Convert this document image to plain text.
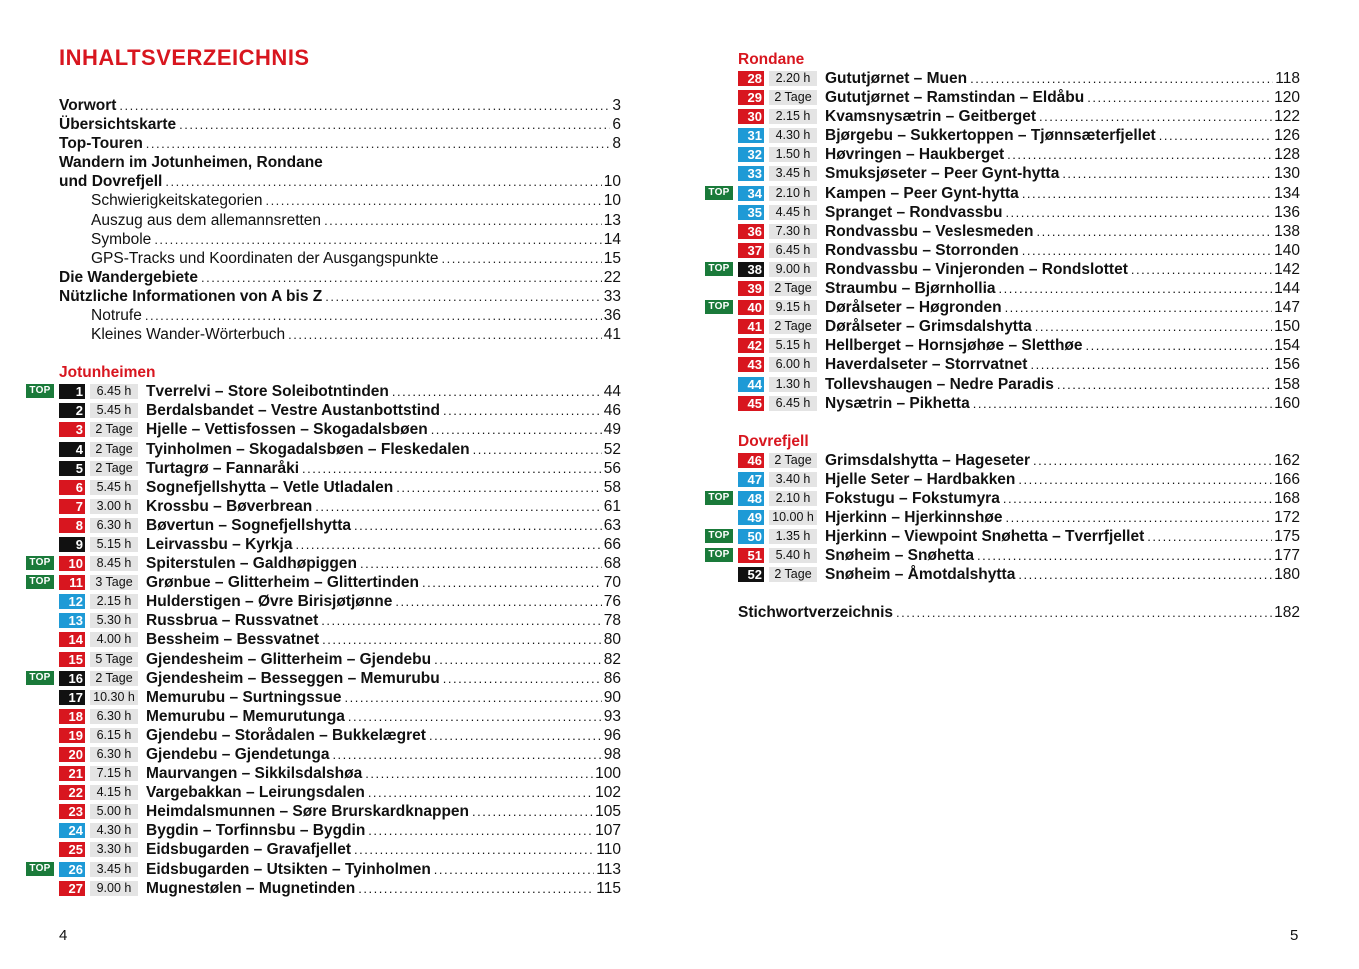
INHALTSVERZEICHNIS
Vorwort .....	3
Übersichtskarte .....	6
Top-Touren .....	8
Wandern im Jotunheimen, Rondane
und Dovrefjell .....	10
Schwierigkeitskategorien .....	10
Auszug aus dem allemannsretten .....	13
Symbole .....	14
GPS-Tracks und Koordinaten der Ausgangspunkte .....	15
Die Wandergebiete .....	22
Nützliche Informationen von A bis Z .....	33
Notrufe .....	36
Kleines Wander-Wörterbuch .....	41
Jotunheimen
TOP	1	6.45 h Tverrelvi – Store Soleibotntinden .....	44
2	5.45 h Berdalsbandet – Vestre Austanbottstind .....	46
3 2 Tage Hjelle – Vettisfossen – Skogadalsbøen .....	49
4 2 Tage Tyinholmen – Skogadalsbøen – Fleskedalen .....	52
5 2 Tage Turtagrø – Fannaråki .....	56
6	5.45 h Sognefjellshytta – Vetle Utladalen .....	58
7	3.00 h Krossbu – Bøverbrean .....	61
8	6.30 h Bøvertun – Sognefjellshytta .....	63
9	5.15 h Leirvassbu – Kyrkja .....	66
TOP	10	8.45 h Spiterstulen – Galdhøpiggen .....	68
TOP	11 3 Tage Grønbue – Glitterheim – Glittertinden .....	70
12	2.15 h Hulderstigen – Øvre Birisjøtjønne .....	76
13	5.30 h Russbrua – Russvatnet .....	78
14	4.00 h Bessheim – Bessvatnet .....	80
15 5 Tage Gjendesheim – Glitterheim – Gjendebu .....	82
TOP	16 2 Tage Gjendesheim – Besseggen – Memurubu .....	86
17 10.30 h Memurubu – Surtningssue .....	90
18	6.30 h Memurubu – Memurutunga .....	93
19	6.15 h Gjendebu – Storådalen – Bukkelægret .....	96
20	6.30 h Gjendebu – Gjendetunga .....	98
21	7.15 h Maurvangen – Sikkilsdalshøa .....	100
22	4.15 h Vargebakkan – Leirungsdalen .....	102
23	5.00 h Heimdalsmunnen – Søre Brurskardknappen .....	105
24	4.30 h Bygdin – Torfinnsbu – Bygdin .....	107
25	3.30 h Eidsbugarden – Gravafjellet .....	110
TOP	26	3.45 h Eidsbugarden – Utsikten – Tyinholmen .....	113
27	9.00 h Mugnestølen – Mugnetinden .....	115
Rondane
28	2.20 h Gututjørnet – Muen .....	118
29 2 Tage Gututjørnet – Ramstindan – Eldåbu .....	120
30	2.15 h Kvamsnysætrin – Geitberget .....	122
31	4.30 h Bjørgebu – Sukkertoppen – Tjønnsæterfjellet .....	126
32	1.50 h Høvringen – Haukberget .....	128
33	3.45 h Smuksjøseter – Peer Gynt-hytta .....	130
TOP	34	2.10 h Kampen – Peer Gynt-hytta .....	134
35	4.45 h Spranget – Rondvassbu .....	136
36	7.30 h Rondvassbu – Veslesmeden .....	138
37	6.45 h Rondvassbu – Storronden .....	140
TOP	38	9.00 h Rondvassbu – Vinjeronden – Rondslottet .....	142
39 2 Tage Straumbu – Bjørnhollia .....	144
TOP	40	9.15 h Dørålseter – Høgronden .....	147
41 2 Tage Dørålseter – Grimsdalshytta .....	150
42	5.15 h Hellberget – Hornsjøhøe – Sletthøe .....	154
43	6.00 h Haverdalseter – Storrvatnet .....	156
44	1.30 h Tollevshaugen – Nedre Paradis .....	158
45	6.45 h Nysætrin – Pikhetta .....	160
Dovrefjell
46 2 Tage Grimsdalshytta – Hageseter .....	162
47	3.40 h Hjelle Seter – Hardbakken .....	166
TOP	48	2.10 h Fokstugu – Fokstumyra .....	168
49 10.00 h Hjerkinn – Hjerkinnshøe .....	172
TOP	50	1.35 h Hjerkinn – Viewpoint Snøhetta – Tverrfjellet .....	175
TOP	51	5.40 h Snøheim – Snøhetta .....	177
52 2 Tage Snøheim – Åmotdalshytta .....	180
Stichwortverzeichnis .....	182
4	5
